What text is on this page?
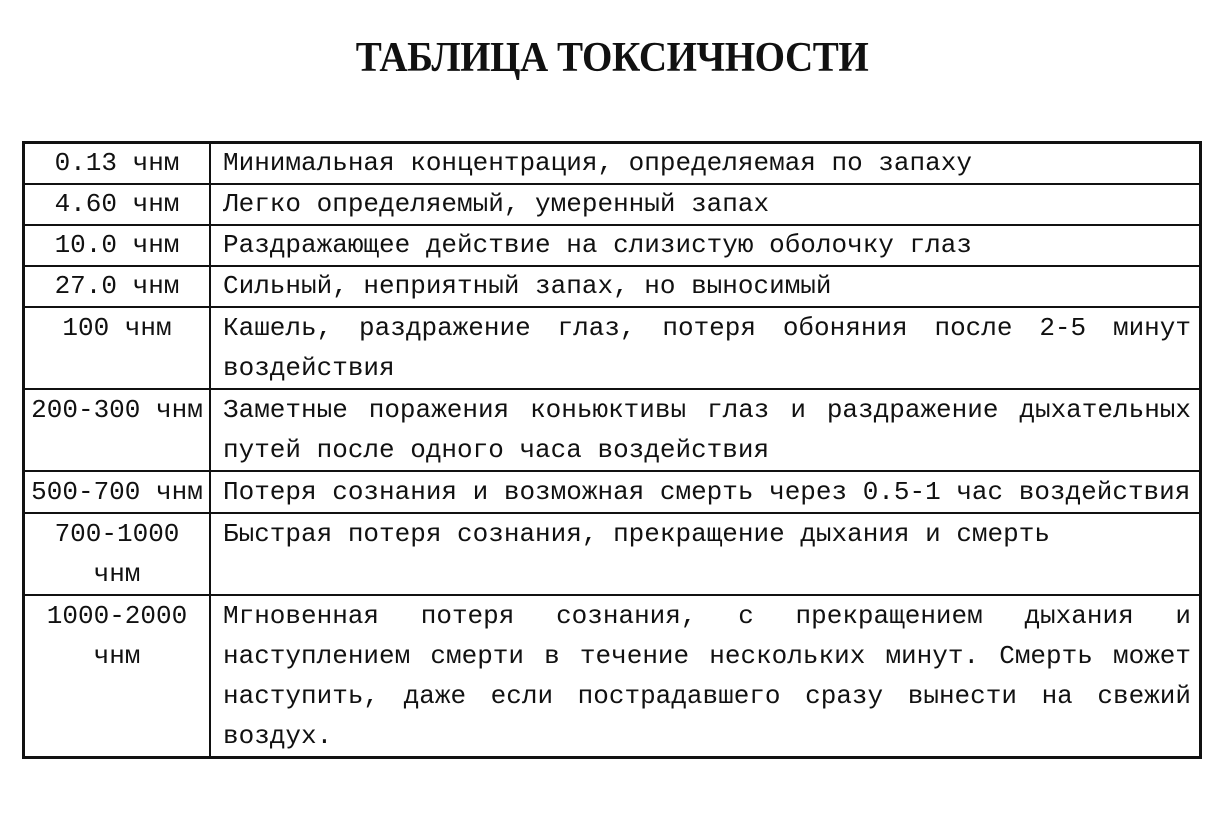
ТАБЛИЦА ТОКСИЧНОСТИ
0.13 чнм	Минимальная концентрация, определяемая по запаху
4.60 чнм	Легко определяемый, умеренный запах
10.0 чнм	Раздражающее действие на слизистую оболочку глаз
27.0 чнм	Сильный, неприятный запах, но выносимый
100 чнм	Кашель, раздражение глаз, потеря обоняния после 2-5 минут воздействия
200-300 чнм	Заметные поражения коньюктивы глаз и раздражение дыхательных путей после одного часа воздействия
500-700 чнм	Потеря сознания и возможная смерть через 0.5-1 час воздействия
700-1000 чнм	Быстрая потеря сознания, прекращение дыхания и смерть
1000-2000 чнм	Мгновенная потеря сознания, с прекращением дыхания и наступлением смерти в течение нескольких минут. Смерть может наступить, даже если пострадавшего сразу вынести на свежий воздух.
